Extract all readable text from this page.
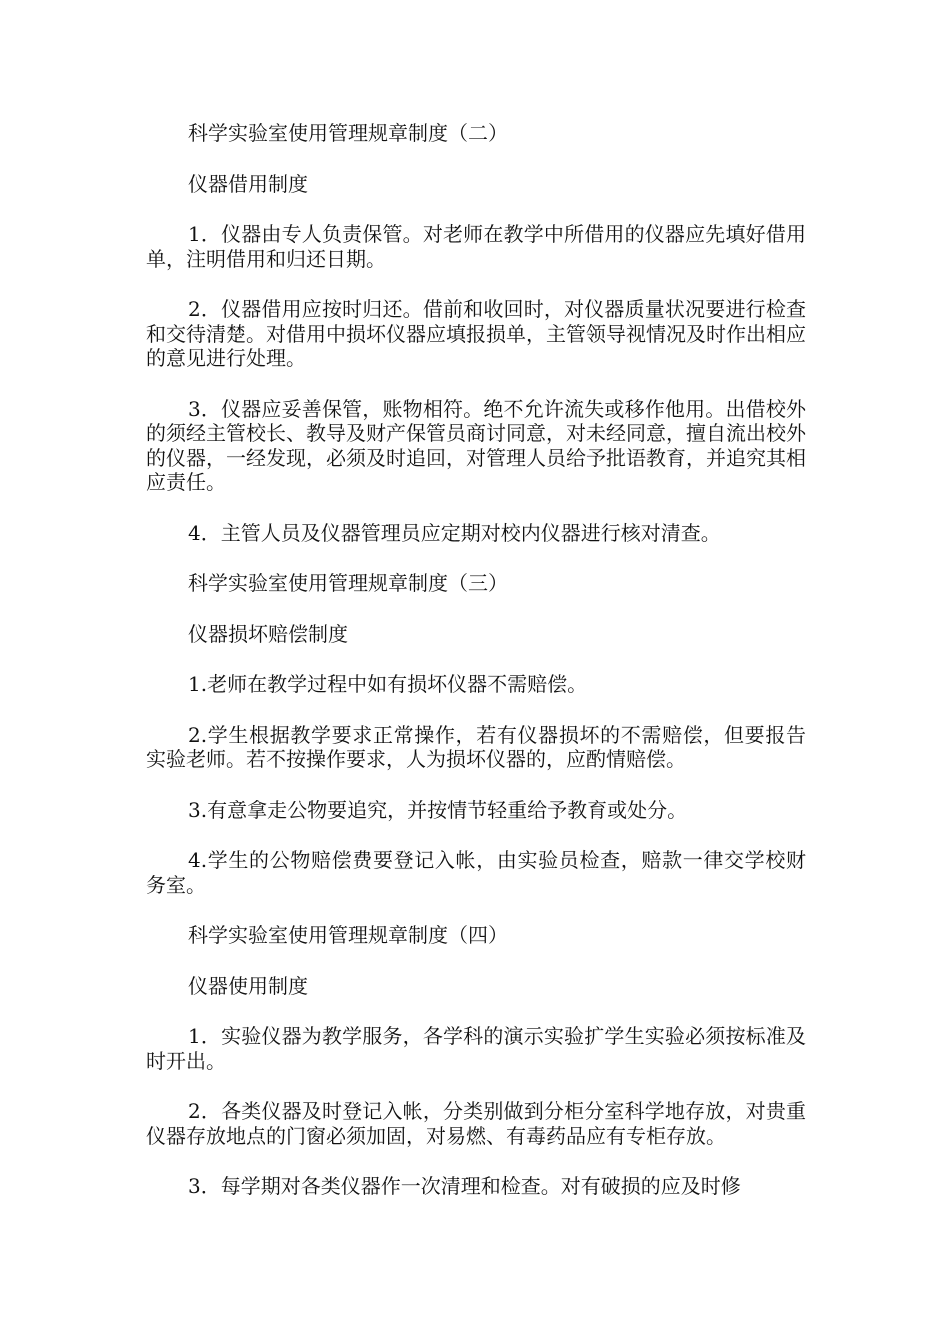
科学实验室使用管理规章制度（二）

仪器借用制度

1．仪器由专人负责保管。对老师在教学中所借用的仪器应先填好借用单，注明借用和归还日期。

2．仪器借用应按时归还。借前和收回时，对仪器质量状况要进行检查和交待清楚。对借用中损坏仪器应填报损单，主管领导视情况及时作出相应的意见进行处理。

3．仪器应妥善保管，账物相符。绝不允许流失或移作他用。出借校外的须经主管校长、教导及财产保管员商讨同意，对未经同意，擅自流出校外的仪器，一经发现，必须及时追回，对管理人员给予批语教育，并追究其相应责任。

4．主管人员及仪器管理员应定期对校内仪器进行核对清查。

科学实验室使用管理规章制度（三）

仪器损坏赔偿制度

1.老师在教学过程中如有损坏仪器不需赔偿。

2.学生根据教学要求正常操作，若有仪器损坏的不需赔偿，但要报告实验老师。若不按操作要求，人为损坏仪器的，应酌情赔偿。

3.有意拿走公物要追究，并按情节轻重给予教育或处分。

4.学生的公物赔偿费要登记入帐，由实验员检查，赔款一律交学校财务室。

科学实验室使用管理规章制度（四）

仪器使用制度

1．实验仪器为教学服务，各学科的演示实验扩学生实验必须按标准及时开出。

2．各类仪器及时登记入帐，分类别做到分柜分室科学地存放，对贵重仪器存放地点的门窗必须加固，对易燃、有毒药品应有专柜存放。

3．每学期对各类仪器作一次清理和检查。对有破损的应及时修
